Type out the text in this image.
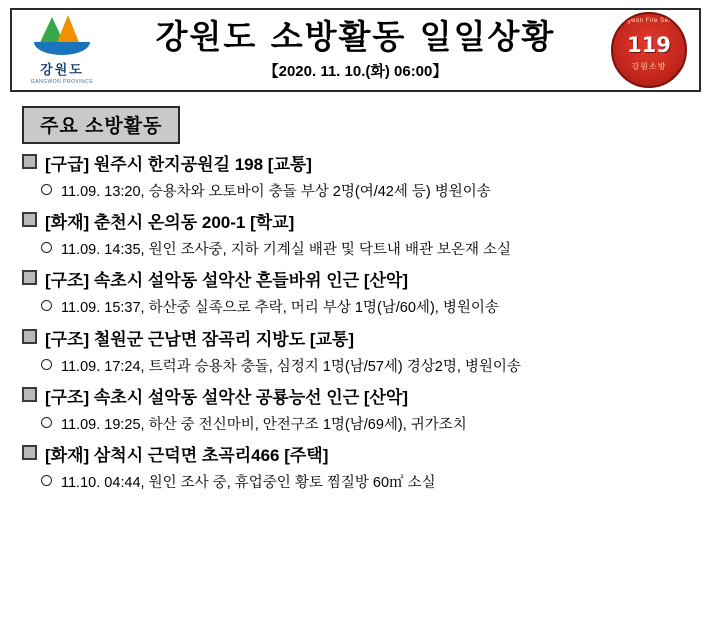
강원도
GANGWON PROVINCE
강원도 소방활동 일일상황
【2020. 11. 10.(화) 06:00】
Gangwon Fire Service
119
강원소방
주요 소방활동
[구급] 원주시 한지공원길 198 [교통]
11.09. 13:20, 승용차와 오토바이 충돌 부상 2명(여/42세 등) 병원이송
[화재] 춘천시 온의동 200-1 [학교]
11.09. 14:35, 원인 조사중, 지하 기계실 배관 및 닥트내 배관 보온재 소실
[구조] 속초시 설악동 설악산 흔들바위 인근 [산악]
11.09. 15:37, 하산중 실족으로 추락, 머리 부상 1명(남/60세), 병원이송
[구조] 철원군 근남면 잠곡리 지방도 [교통]
11.09. 17:24, 트럭과 승용차 충돌, 심정지 1명(남/57세) 경상2명, 병원이송
[구조] 속초시 설악동 설악산 공룡능선 인근 [산악]
11.09. 19:25, 하산 중 전신마비, 안전구조 1명(남/69세), 귀가조치
[화재] 삼척시 근덕면 초곡리466 [주택]
11.10. 04:44, 원인 조사 중, 휴업중인 황토 찜질방 60㎡ 소실
